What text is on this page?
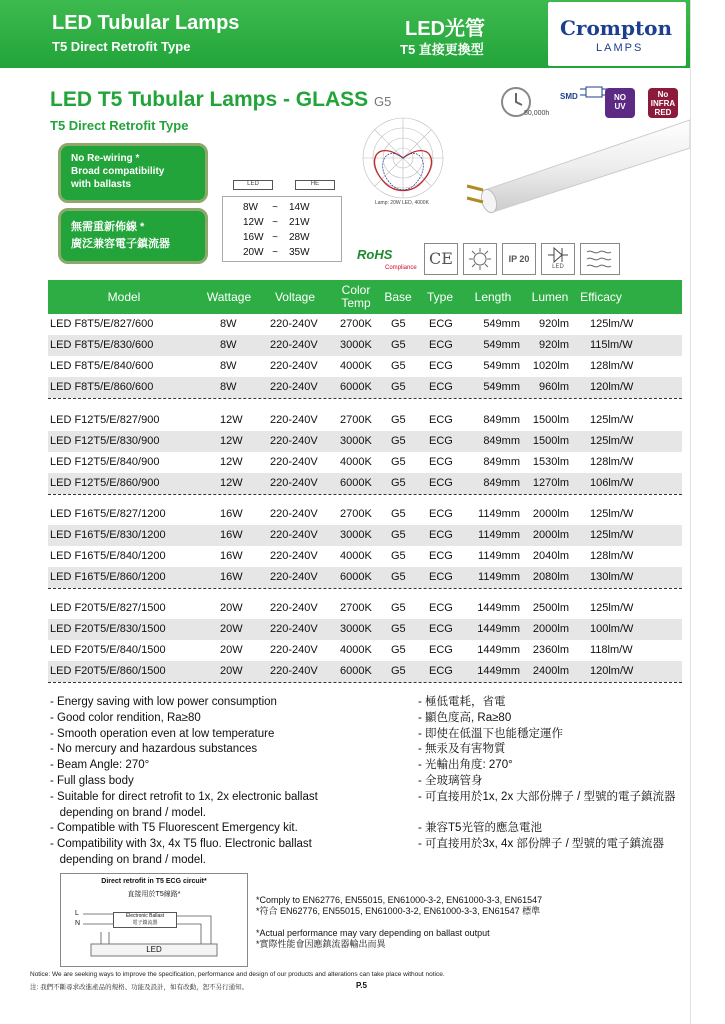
LED Tubular Lamps
T5 Direct Retrofit Type
LED光管
T5 直接更換型
Crompton
LAMPS
LED T5 Tubular Lamps - GLASS G5
T5 Direct Retrofit Type
50,000h
SMD	NO
UV
No
INFRA
RED
No Re-wiring *
Broad compatibility
with ballasts
無需重新佈線 *
廣泛兼容電子鎮流器
LED	HE
8W	~	14W
12W ~	21W
16W ~	28W
20W ~	35W
Lamp: 20W LED, 4000K
RoHS
Compliance CE	IP 20
LED
Model	Wattage	Voltage	Color
Temp Base	Type	Length	Lumen Efficacy
LED F8T5/E/827/600	8W	220-240V 2700K G5 ECG	549mm 920lm 125lm/W
LED F8T5/E/830/600	8W	220-240V 3000K G5 ECG	549mm 920lm 115lm/W
LED F8T5/E/840/600	8W	220-240V 4000K G5 ECG	549mm 1020lm 128lm/W
LED F8T5/E/860/600	8W	220-240V 6000K G5 ECG	549mm 960lm 120lm/W
LED F12T5/E/827/900	12W 220-240V 2700K G5 ECG	849mm 1500lm 125lm/W
LED F12T5/E/830/900	12W 220-240V 3000K G5 ECG	849mm 1500lm 125lm/W
LED F12T5/E/840/900	12W 220-240V 4000K G5 ECG	849mm 1530lm 128lm/W
LED F12T5/E/860/900	12W 220-240V 6000K G5 ECG	849mm 1270lm 106lm/W
LED F16T5/E/827/1200	16W 220-240V 2700K G5 ECG 1149mm 2000lm 125lm/W
LED F16T5/E/830/1200	16W 220-240V 3000K G5 ECG 1149mm 2000lm 125lm/W
LED F16T5/E/840/1200	16W 220-240V 4000K G5 ECG 1149mm 2040lm 128lm/W
LED F16T5/E/860/1200	16W 220-240V 6000K G5 ECG 1149mm 2080lm 130lm/W
LED F20T5/E/827/1500	20W 220-240V 2700K G5 ECG 1449mm 2500lm 125lm/W
LED F20T5/E/830/1500	20W 220-240V 3000K G5 ECG 1449mm 2000lm 100lm/W
LED F20T5/E/840/1500	20W 220-240V 4000K G5 ECG 1449mm 2360lm 118lm/W
LED F20T5/E/860/1500	20W 220-240V 6000K G5 ECG 1449mm 2400lm 120lm/W
- Energy saving with low power consumption
- Good color rendition, Ra≥80
- Smooth operation even at low temperature
- No mercury and hazardous substances
- Beam Angle: 270°
- Full glass body
- Suitable for direct retrofit to 1x, 2x electronic ballast
depending on brand / model.
- Compatible with T5 Fluorescent Emergency kit.
- Compatibility with 3x, 4x T5 fluo. Electronic ballast
depending on brand / model.
- 極低電耗，省電
- 顯色度高, Ra≥80
- 即使在低溫下也能穩定運作
- 無汞及有害物質
- 光輸出角度: 270°
- 全玻璃管身
- 可直接用於1x, 2x 大部份牌子 / 型號的電子鎮流器
- 兼容T5光管的應急電池
- 可直接用於3x, 4x 部份牌子 / 型號的電子鎮流器
Direct retrofit in T5 ECG circuit*
直接用於T5線路*
L
N
Electronic Ballast
電子鎮流器
LED
*Comply to EN62776, EN55015, EN61000-3-2, EN61000-3-3, EN61547
*符合 EN62776, EN55015, EN61000-3-2, EN61000-3-3, EN61547 標準
*Actual performance may vary depending on ballast output
*實際性能會因應鎮流器輸出而異
Notice: We are seeking ways to improve the specification, performance and design of our products and alterations can take place without notice.
注: 我們不斷尋求改進產品的規格、功能及設計，如有改動，恕不另行通知。	P.5
